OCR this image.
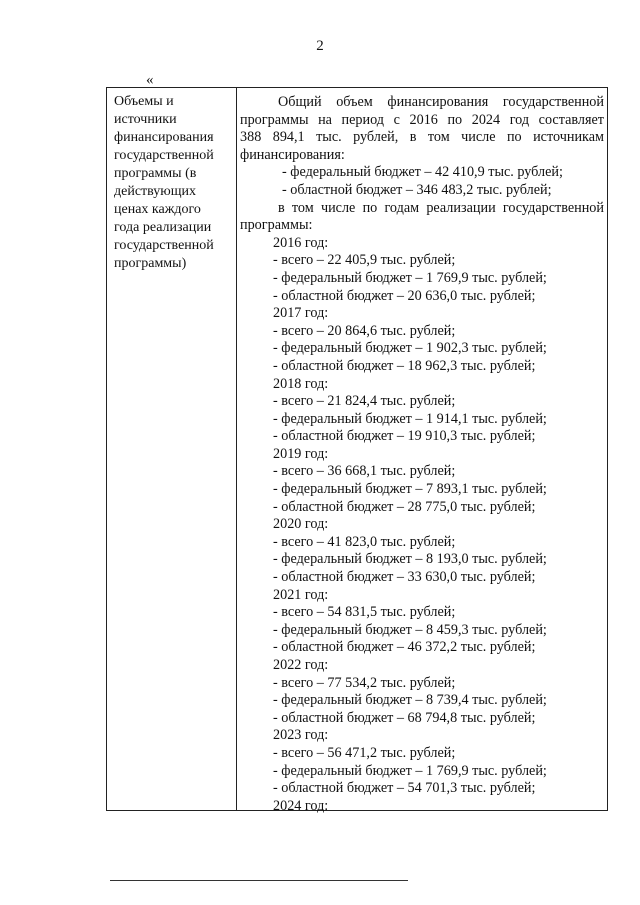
2
«
Объемы и
источники
финансирования
государственной
программы (в
действующих
ценах каждого
года реализации
государственной
программы)
Общий объем финансирования государственной
программы на период с 2016 по 2024 год составляет
388 894,1 тыс. рублей, в том числе по источникам
финансирования:
- федеральный бюджет – 42 410,9 тыс. рублей;
- областной бюджет – 346 483,2 тыс. рублей;
в том числе по годам реализации государственной
программы:
2016 год:
- всего – 22 405,9 тыс. рублей;
- федеральный бюджет – 1 769,9 тыс. рублей;
- областной бюджет – 20 636,0 тыс. рублей;
2017 год:
- всего – 20 864,6 тыс. рублей;
- федеральный бюджет – 1 902,3 тыс. рублей;
- областной бюджет – 18 962,3 тыс. рублей;
2018 год:
- всего – 21 824,4 тыс. рублей;
- федеральный бюджет – 1 914,1 тыс. рублей;
- областной бюджет – 19 910,3 тыс. рублей;
2019 год:
- всего – 36 668,1 тыс. рублей;
- федеральный бюджет – 7 893,1 тыс. рублей;
- областной бюджет – 28 775,0 тыс. рублей;
2020 год:
- всего – 41 823,0 тыс. рублей;
- федеральный бюджет – 8 193,0 тыс. рублей;
- областной бюджет – 33 630,0 тыс. рублей;
2021 год:
- всего – 54 831,5 тыс. рублей;
- федеральный бюджет – 8 459,3 тыс. рублей;
- областной бюджет – 46 372,2 тыс. рублей;
2022 год:
- всего – 77 534,2 тыс. рублей;
- федеральный бюджет – 8 739,4 тыс. рублей;
- областной бюджет – 68 794,8 тыс. рублей;
2023 год:
- всего – 56 471,2 тыс. рублей;
- федеральный бюджет – 1 769,9 тыс. рублей;
- областной бюджет – 54 701,3 тыс. рублей;
2024 год:
